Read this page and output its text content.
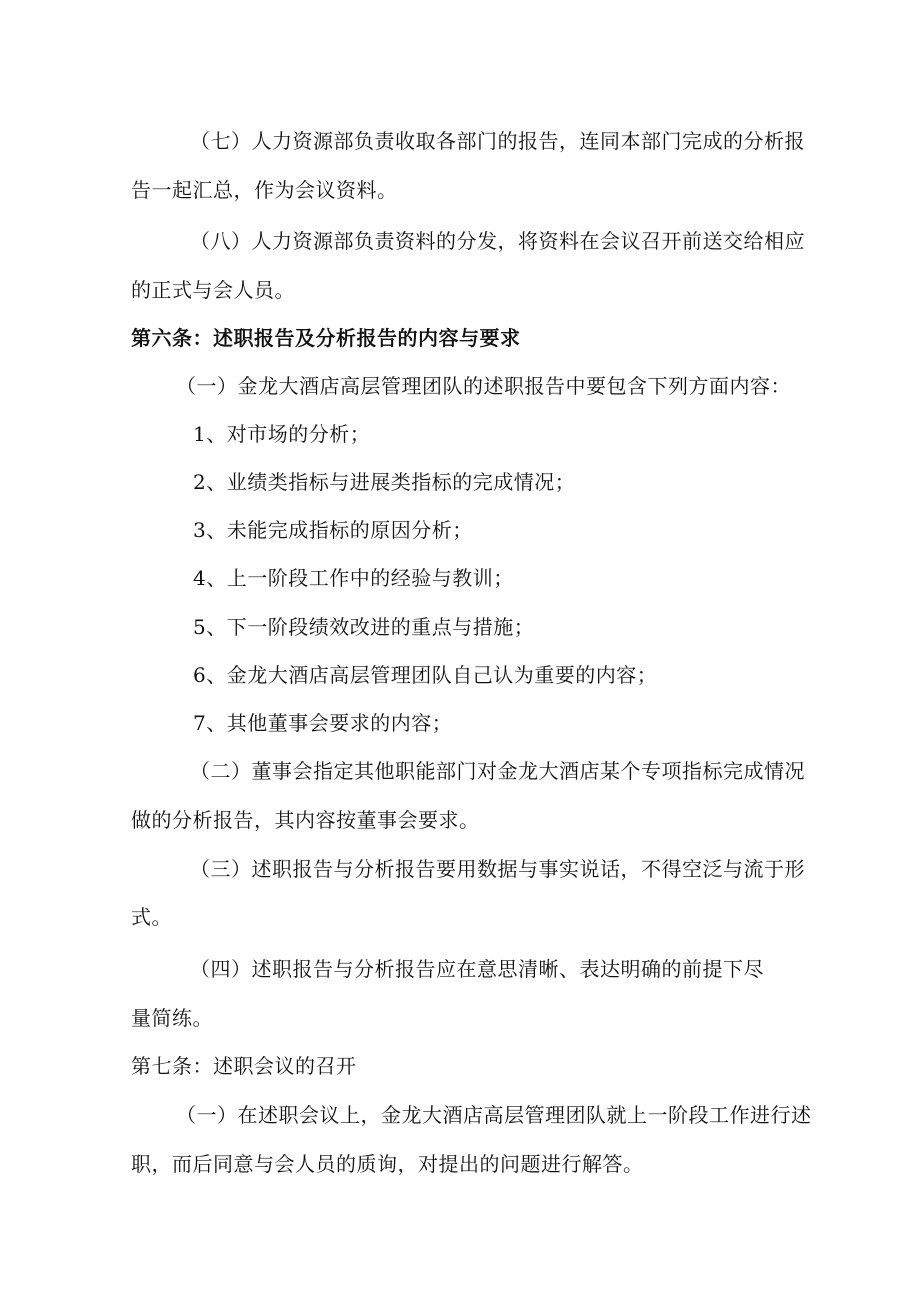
（七）人力资源部负责收取各部门的报告，连同本部门完成的分析报
告一起汇总，作为会议资料。
（八）人力资源部负责资料的分发，将资料在会议召开前送交给相应
的正式与会人员。
第六条：述职报告及分析报告的内容与要求
（一）金龙大酒店高层管理团队的述职报告中要包含下列方面内容：
1、对市场的分析；
2、业绩类指标与进展类指标的完成情况；
3、未能完成指标的原因分析；
4、上一阶段工作中的经验与教训；
5、下一阶段绩效改进的重点与措施；
6、金龙大酒店高层管理团队自己认为重要的内容；
7、其他董事会要求的内容；
（二）董事会指定其他职能部门对金龙大酒店某个专项指标完成情况
做的分析报告，其内容按董事会要求。
（三）述职报告与分析报告要用数据与事实说话，不得空泛与流于形
式。
（四）述职报告与分析报告应在意思清晰、表达明确的前提下尽
量简练。
第七条：述职会议的召开
（一）在述职会议上，金龙大酒店高层管理团队就上一阶段工作进行述
职，而后同意与会人员的质询，对提出的问题进行解答。
